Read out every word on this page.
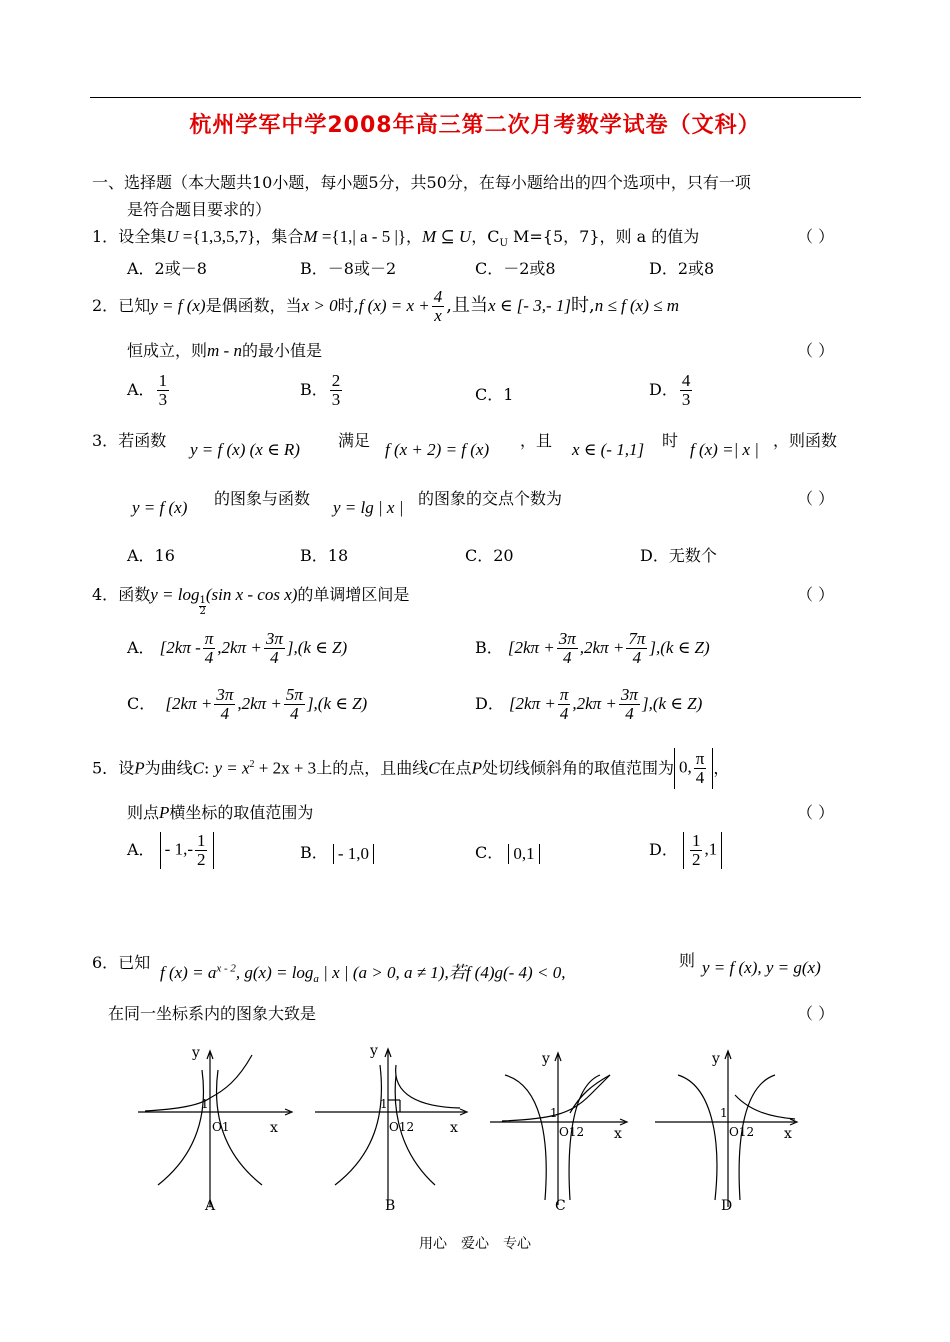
杭州学军中学2008年高三第二次月考数学试卷（文科）
一、选择题（本大题共10小题，每小题5分，共50分，在每小题给出的四个选项中，只有一项
是符合题目要求的）
1．设全集U ={1,3,5,7}，集合M ={1,| a - 5 |}，M ⊆ U，$C_U$ M={5，7}，则 a 的值为	（ ）
A．2或－8	B．－8或－2	C．－2或8	D．2或8
2．已知y = f (x)是偶函数，当x > 0时,f $(x) = x + \frac{4}{x}$ ,且当x ∈ [- 3,- 1]时,n ≤ f (x) ≤ m
恒成立，则m - n的最小值是	（ ）
A． $\frac{1}{3}$	B． $\frac{2}{3}$	C．1	D． $\frac{4}{3}$
3．若函数 y = f (x) (x ∈ R) 满足 f (x + 2) = f (x) ，且 x ∈ (- 1,1] 时 f (x) =| x | ，则函数
y = f (x) 的图象与函数 y = lg | x | 的图象的交点个数为	（ ）
A．16	B．18	C．20	D．无数个
4．函数y = log
$\frac{1}{2}$
(sin x - cos x)的单调增区间是	（ ）
A． $[2k\pi - \frac{\pi}{4} ,2k\pi + \frac{3\pi}{4} ],(k$ ∈ Z)	B． $[2k\pi + \frac{3\pi}{4} ,2k\pi + \frac{7\pi}{4} ],(k$ ∈ Z)
C． $[2k\pi + \frac{3\pi}{4} ,2k\pi + \frac{5\pi}{4} ],(k$ ∈ Z)	D． $[2k\pi + \frac{\pi}{4} ,2k\pi + \frac{3\pi}{4} ],(k$ ∈ Z)
5．设P为曲线C: $y = x^2 + 2x + 3$上的点，且曲线C在点P处切线倾斜角的取值范围为 0, $\frac{\pi}{4}$ ，
则点P横坐标的取值范围为	（ ）
A． - $1,- \frac{1}{2}$	B． - 1,0	C． 0,1	D． $\frac{1}{2} ,1$
6．已知
f $(x) = a^{x - 2}$, $g(x) = \log_a$ | x | (a > 0, a ≠ 1),若f (4)g(- 4) < 0,
则 y = f (x), y = g(x)
在同一坐标系内的图象大致是	（ ）
y
x
1
O1
A
y
x
1
O12
B
y
x
1
O12
C
y
x
1
O12
D
用心　爱心　专心
